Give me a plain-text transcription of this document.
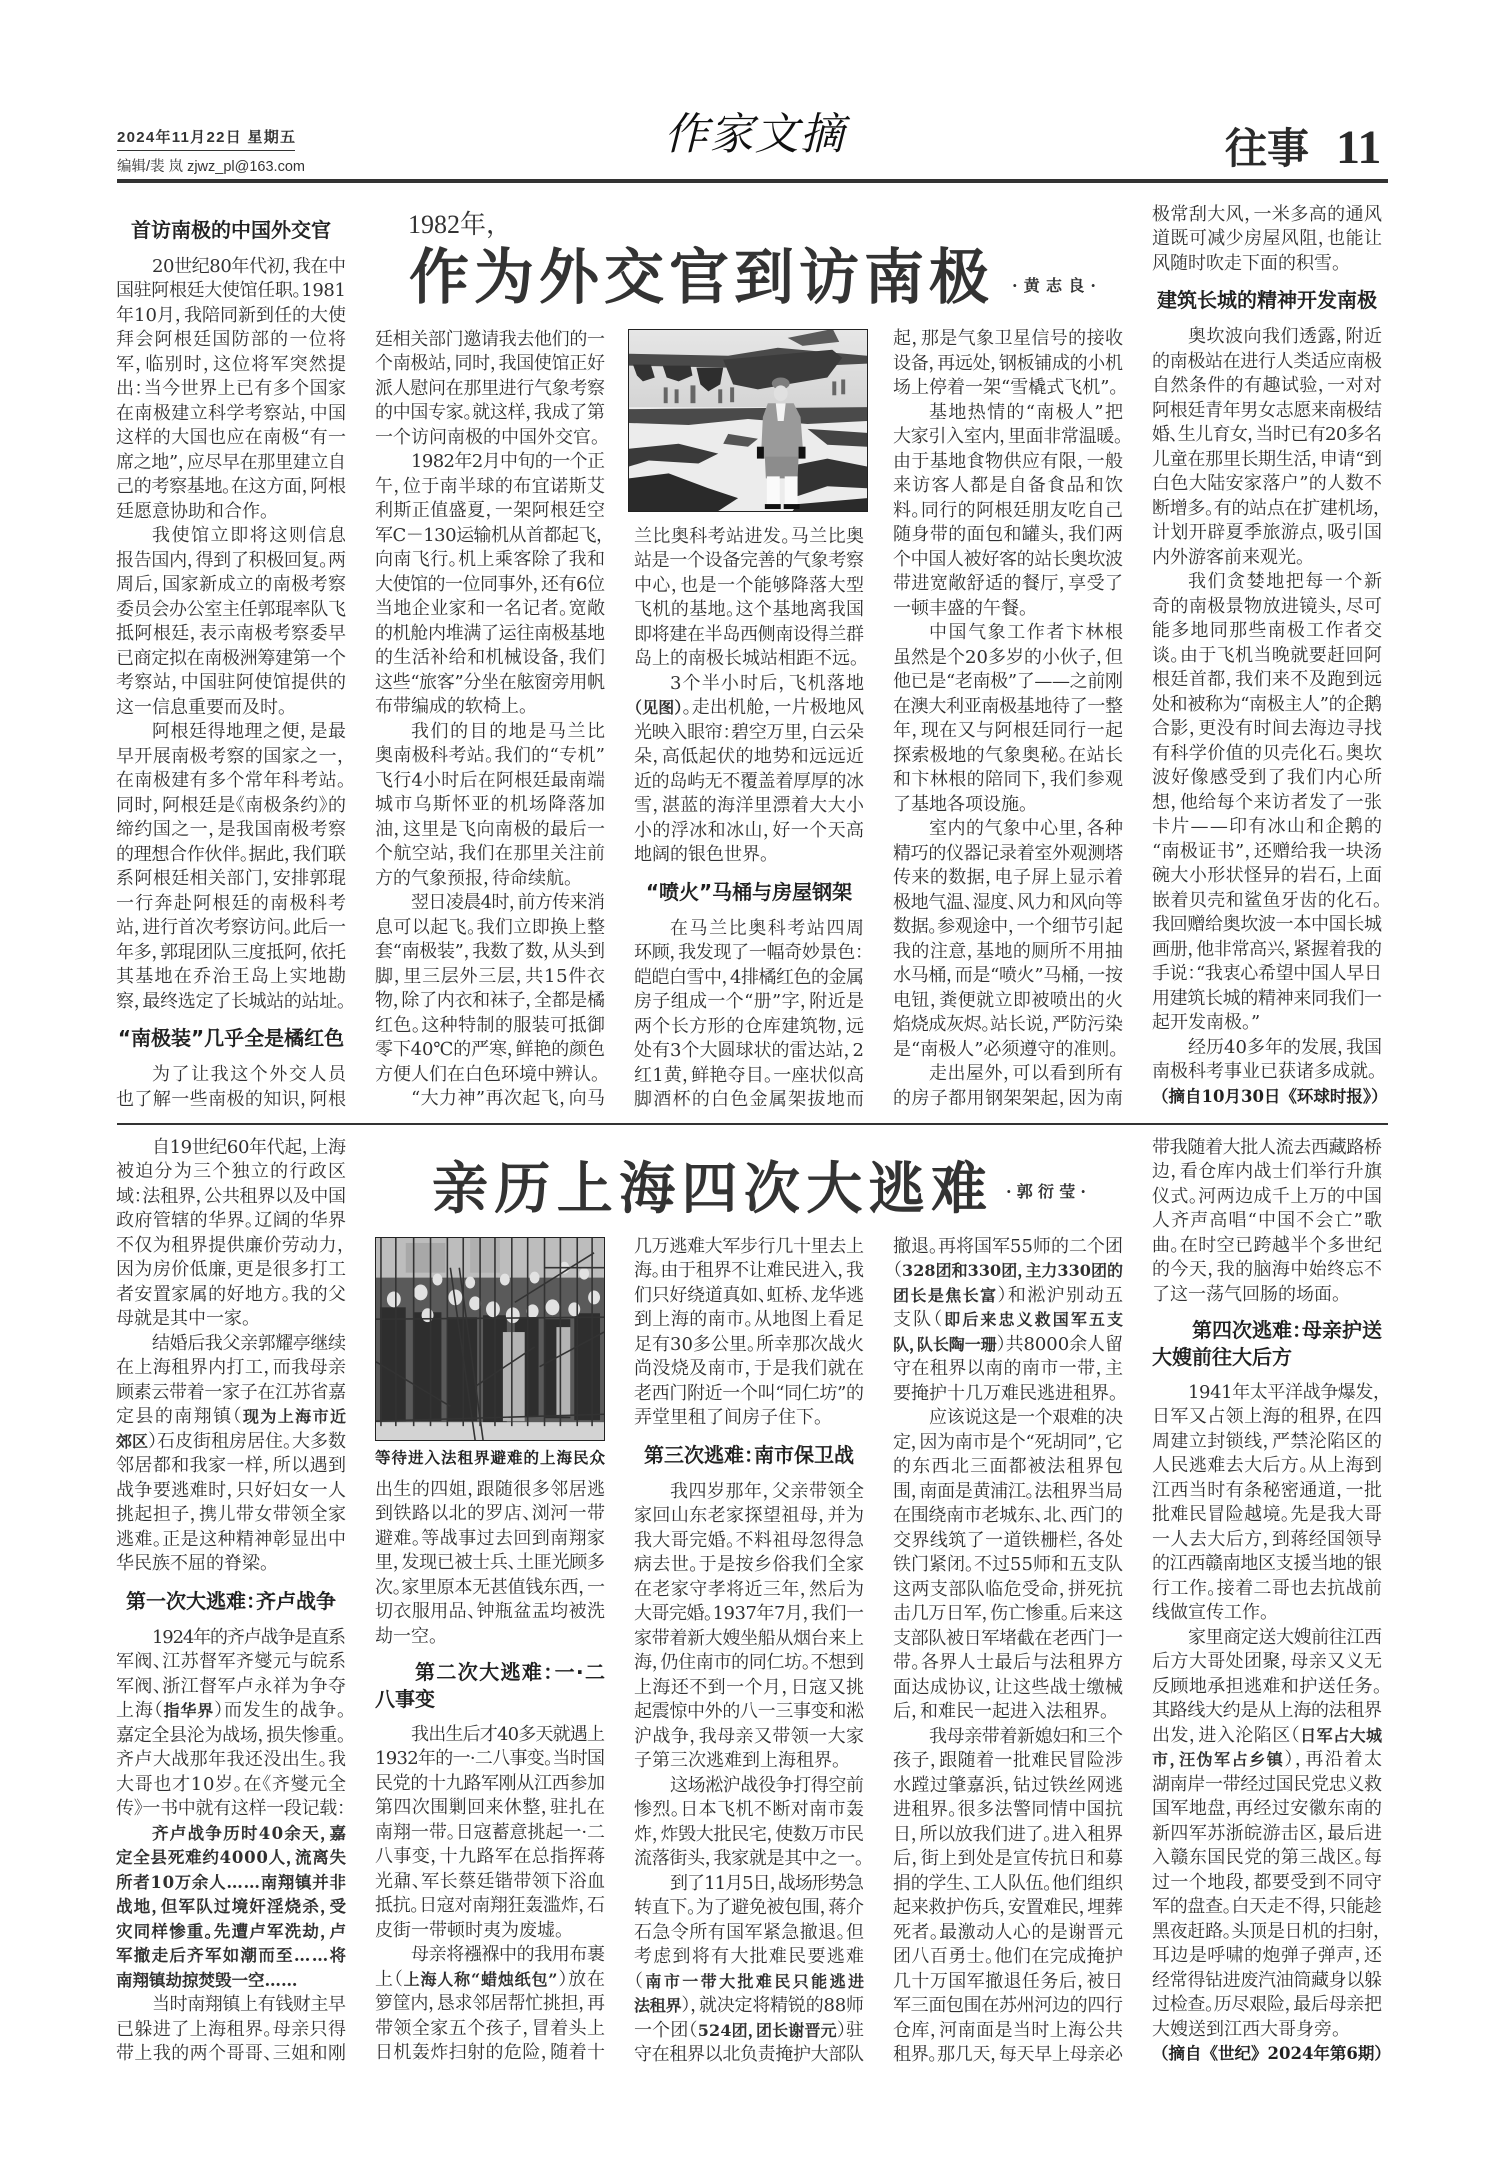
2024年11月22日 星期五
编辑/裴 岚 zjwz_pl@163.com
作家文摘	往事 11
1982年，
作为外交官到访南极 ·黄志良·
首访南极的中国外交官
20世纪80年代初，我在中
国驻阿根廷大使馆任职。1981
年10月，我陪同新到任的大使
拜会阿根廷国防部的一位将
军，临别时，这位将军突然提
出：当今世界上已有多个国家
在南极建立科学考察站，中国
这样的大国也应在南极“有一
席之地”，应尽早在那里建立自
己的考察基地。在这方面，阿根
廷愿意协助和合作。
我使馆立即将这则信息
报告国内，得到了积极回复。两
周后，国家新成立的南极考察
委员会办公室主任郭琨率队飞
抵阿根廷，表示南极考察委早
已商定拟在南极洲筹建第一个
考察站，中国驻阿使馆提供的
这一信息重要而及时。
阿根廷得地理之便，是最
早开展南极考察的国家之一，
在南极建有多个常年科考站。
同时，阿根廷是《南极条约》的
缔约国之一，是我国南极考察
的理想合作伙伴。据此，我们联
系阿根廷相关部门，安排郭琨
一行奔赴阿根廷的南极科考
站，进行首次考察访问。此后一
年多，郭琨团队三度抵阿，依托
其基地在乔治王岛上实地勘
察，最终选定了长城站的站址。
“南极装”几乎全是橘红色
为了让我这个外交人员
也了解一些南极的知识，阿根
廷相关部门邀请我去他们的一
个南极站，同时，我国使馆正好
派人慰问在那里进行气象考察
的中国专家。就这样，我成了第
一个访问南极的中国外交官。
1982年2月中旬的一个正
午，位于南半球的布宜诺斯艾
利斯正值盛夏，一架阿根廷空
军C－130运输机从首都起飞，
向南飞行。机上乘客除了我和
大使馆的一位同事外，还有6位
当地企业家和一名记者。宽敞
的机舱内堆满了运往南极基地
的生活补给和机械设备，我们
这些“旅客”分坐在舷窗旁用帆
布带编成的软椅上。
我们的目的地是马兰比
奥南极科考站。我们的“专机”
飞行4小时后在阿根廷最南端
城市乌斯怀亚的机场降落加
油，这里是飞向南极的最后一
个航空站，我们在那里关注前
方的气象预报，待命续航。
翌日凌晨4时，前方传来消
息可以起飞。我们立即换上整
套“南极装”，我数了数，从头到
脚，里三层外三层，共15件衣
物，除了内衣和袜子，全都是橘
红色。这种特制的服装可抵御
零下40℃的严寒，鲜艳的颜色
方便人们在白色环境中辨认。
“大力神”再次起飞，向马
兰比奥科考站进发。马兰比奥
站是一个设备完善的气象考察
中心，也是一个能够降落大型
飞机的基地。这个基地离我国
即将建在半岛西侧南设得兰群
岛上的南极长城站相距不远。
3个半小时后，飞机落地
（见图）。走出机舱，一片极地风
光映入眼帘：碧空万里，白云朵
朵，高低起伏的地势和远远近
近的岛屿无不覆盖着厚厚的冰
雪，湛蓝的海洋里漂着大大小
小的浮冰和冰山，好一个天高
地阔的银色世界。
“喷火”马桶与房屋钢架
在马兰比奥科考站四周
环顾，我发现了一幅奇妙景色：
皑皑白雪中，4排橘红色的金属
房子组成一个“册”字，附近是
两个长方形的仓库建筑物，远
处有3个大圆球状的雷达站，2
红1黄，鲜艳夺目。一座状似高
脚酒杯的白色金属架拔地而
起，那是气象卫星信号的接收
设备，再远处，钢板铺成的小机
场上停着一架“雪橇式飞机”。
基地热情的“南极人”把
大家引入室内，里面非常温暖。
由于基地食物供应有限，一般
来访客人都是自备食品和饮
料。同行的阿根廷朋友吃自己
随身带的面包和罐头，我们两
个中国人被好客的站长奥坎波
带进宽敞舒适的餐厅，享受了
一顿丰盛的午餐。
中国气象工作者卞林根
虽然是个20多岁的小伙子，但
他已是“老南极”了——之前刚
在澳大利亚南极基地待了一整
年，现在又与阿根廷同行一起
探索极地的气象奥秘。在站长
和卞林根的陪同下，我们参观
了基地各项设施。
室内的气象中心里，各种
精巧的仪器记录着室外观测塔
传来的数据，电子屏上显示着
极地气温、湿度、风力和风向等
数据。参观途中，一个细节引起
我的注意，基地的厕所不用抽
水马桶，而是“喷火”马桶，一按
电钮，粪便就立即被喷出的火
焰烧成灰烬。站长说，严防污染
是“南极人”必须遵守的准则。
走出屋外，可以看到所有
的房子都用钢架架起，因为南
极常刮大风，一米多高的通风
道既可减少房屋风阻，也能让
风随时吹走下面的积雪。
建筑长城的精神开发南极
奥坎波向我们透露，附近
的南极站在进行人类适应南极
自然条件的有趣试验，一对对
阿根廷青年男女志愿来南极结
婚、生儿育女，当时已有20多名
儿童在那里长期生活，申请“到
白色大陆安家落户”的人数不
断增多。有的站点在扩建机场，
计划开辟夏季旅游点，吸引国
内外游客前来观光。
我们贪婪地把每一个新
奇的南极景物放进镜头，尽可
能多地同那些南极工作者交
谈。由于飞机当晚就要赶回阿
根廷首都，我们来不及跑到远
处和被称为“南极主人”的企鹅
合影，更没有时间去海边寻找
有科学价值的贝壳化石。奥坎
波好像感受到了我们内心所
想，他给每个来访者发了一张
卡片——印有冰山和企鹅的
“南极证书”，还赠给我一块汤
碗大小形状怪异的岩石，上面
嵌着贝壳和鲨鱼牙齿的化石。
我回赠给奥坎波一本中国长城
画册，他非常高兴，紧握着我的
手说：“我衷心希望中国人早日
用建筑长城的精神来同我们一
起开发南极。”
经历40多年的发展，我国
南极科考事业已获诸多成就。
（摘自10月30日《环球时报》）
亲历上海四次大逃难 ·郭衍莹·
等待进入法租界避难的上海民众
自19世纪60年代起，上海
被迫分为三个独立的行政区
域：法租界，公共租界以及中国
政府管辖的华界。辽阔的华界
不仅为租界提供廉价劳动力，
因为房价低廉，更是很多打工
者安置家属的好地方。我的父
母就是其中一家。
结婚后我父亲郭耀亭继续
在上海租界内打工，而我母亲
顾素云带着一家子在江苏省嘉
定县的南翔镇（现为上海市近
郊区）石皮街租房居住。大多数
邻居都和我家一样，所以遇到
战争要逃难时，只好妇女一人
挑起担子，携儿带女带领全家
逃难。正是这种精神彰显出中
华民族不屈的脊梁。
第一次大逃难：齐卢战争
1924年的齐卢战争是直系
军阀、江苏督军齐燮元与皖系
军阀、浙江督军卢永祥为争夺
上海（指华界）而发生的战争。
嘉定全县沦为战场，损失惨重。
齐卢大战那年我还没出生。我
大哥也才10岁。在《齐燮元全
传》一书中就有这样一段记载：
齐卢战争历时40余天，嘉
定全县死难约4000人，流离失
所者10万余人……南翔镇并非
战地，但军队过境奸淫烧杀，受
灾同样惨重。先遭卢军洗劫，卢
军撤走后齐军如潮而至……将
南翔镇劫掠焚毁一空……
当时南翔镇上有钱财主早
已躲进了上海租界。母亲只得
带上我的两个哥哥、三姐和刚
出生的四姐，跟随很多邻居逃
到铁路以北的罗店、浏河一带
避难。等战事过去回到南翔家
里，发现已被士兵、土匪光顾多
次。家里原本无甚值钱东西，一
切衣服用品、钟瓶盆盂均被洗
劫一空。
第二次大逃难：一·二
八事变
我出生后才40多天就遇上
1932年的一·二八事变。当时国
民党的十九路军刚从江西参加
第四次围剿回来休整，驻扎在
南翔一带。日寇蓄意挑起一·二
八事变，十九路军在总指挥蒋
光鼐、军长蔡廷锴带领下浴血
抵抗。日寇对南翔狂轰滥炸，石
皮街一带顿时夷为废墟。
母亲将襁褓中的我用布裹
上（上海人称“蜡烛纸包”）放在
箩筐内，恳求邻居帮忙挑担，再
带领全家五个孩子，冒着头上
日机轰炸扫射的危险，随着十
几万逃难大军步行几十里去上
海。由于租界不让难民进入，我
们只好绕道真如、虹桥、龙华逃
到上海的南市。从地图上看足
足有30多公里。所幸那次战火
尚没烧及南市，于是我们就在
老西门附近一个叫“同仁坊”的
弄堂里租了间房子住下。
第三次逃难：南市保卫战
我四岁那年，父亲带领全
家回山东老家探望祖母，并为
我大哥完婚。不料祖母忽得急
病去世。于是按乡俗我们全家
在老家守孝将近三年，然后为
大哥完婚。1937年7月，我们一
家带着新大嫂坐船从烟台来上
海，仍住南市的同仁坊。不想到
上海还不到一个月，日寇又挑
起震惊中外的八一三事变和淞
沪战争，我母亲又带领一大家
子第三次逃难到上海租界。
这场淞沪战役争打得空前
惨烈。日本飞机不断对南市轰
炸，炸毁大批民宅，使数万市民
流落街头，我家就是其中之一。
到了11月5日，战场形势急
转直下。为了避免被包围，蒋介
石急令所有国军紧急撤退。但
考虑到将有大批难民要逃难
（南市一带大批难民只能逃进
法租界），就决定将精锐的88师
一个团（524团，团长谢晋元）驻
守在租界以北负责掩护大部队
撤退。再将国军55师的二个团
（328团和330团，主力330团的
团长是焦长富）和淞沪别动五
支队（即后来忠义救国军五支
队，队长陶一珊）共8000余人留
守在租界以南的南市一带，主
要掩护十几万难民逃进租界。
应该说这是一个艰难的决
定，因为南市是个“死胡同”，它
的东西北三面都被法租界包
围，南面是黄浦江。法租界当局
在围绕南市老城东、北、西门的
交界线筑了一道铁栅栏，各处
铁门紧闭。不过55师和五支队
这两支部队临危受命，拼死抗
击几万日军，伤亡惨重。后来这
支部队被日军堵截在老西门一
带。各界人士最后与法租界方
面达成协议，让这些战士缴械
后，和难民一起进入法租界。
我母亲带着新媳妇和三个
孩子，跟随着一批难民冒险涉
水蹚过肇嘉浜，钻过铁丝网逃
进租界。很多法警同情中国抗
日，所以放我们进了。进入租界
后，街上到处是宣传抗日和募
捐的学生、工人队伍。他们组织
起来救护伤兵，安置难民，埋葬
死者。最激动人心的是谢晋元
团八百勇士。他们在完成掩护
几十万国军撤退任务后，被日
军三面包围在苏州河边的四行
仓库，河南面是当时上海公共
租界。那几天，每天早上母亲必
带我随着大批人流去西藏路桥
边，看仓库内战士们举行升旗
仪式。河两边成千上万的中国
人齐声高唱“中国不会亡”歌
曲。在时空已跨越半个多世纪
的今天，我的脑海中始终忘不
了这一荡气回肠的场面。
第四次逃难：母亲护送
大嫂前往大后方
1941年太平洋战争爆发，
日军又占领上海的租界，在四
周建立封锁线，严禁沦陷区的
人民逃难去大后方。从上海到
江西当时有条秘密通道，一批
批难民冒险越境。先是我大哥
一人去大后方，到蒋经国领导
的江西赣南地区支援当地的银
行工作。接着二哥也去抗战前
线做宣传工作。
家里商定送大嫂前往江西
后方大哥处团聚，母亲又义无
反顾地承担逃难和护送任务。
其路线大约是从上海的法租界
出发，进入沦陷区（日军占大城
市，汪伪军占乡镇），再沿着太
湖南岸一带经过国民党忠义救
国军地盘，再经过安徽东南的
新四军苏浙皖游击区，最后进
入赣东国民党的第三战区。每
过一个地段，都要受到不同守
军的盘查。白天走不得，只能趁
黑夜赶路。头顶是日机的扫射，
耳边是呼啸的炮弹子弹声，还
经常得钻进废汽油筒藏身以躲
过检查。历尽艰险，最后母亲把
大嫂送到江西大哥身旁。
（摘自《世纪》2024年第6期）
